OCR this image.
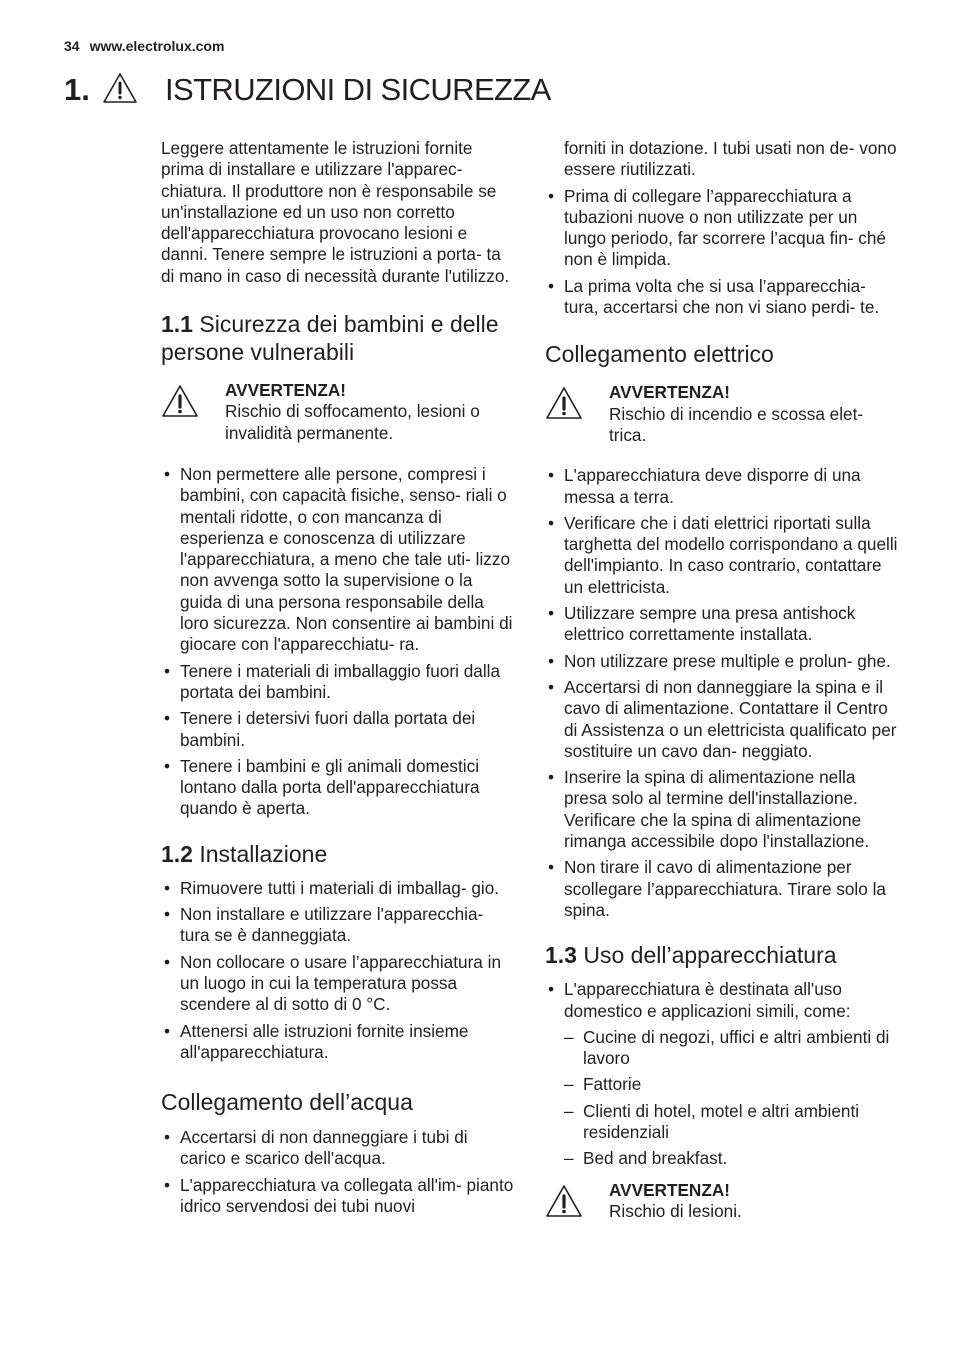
34 www.electrolux.com
1.	ISTRUZIONI DI SICUREZZA

Leggere attentamente le istruzioni fornite prima di installare e utilizzare l'apparec- chiatura. Il produttore non è responsabile se un'installazione ed un uso non corretto dell'apparecchiatura provocano lesioni e danni. Tenere sempre le istruzioni a porta- ta di mano in caso di necessità durante l'utilizzo.

1.1 Sicurezza dei bambini e delle persone vulnerabili
AVVERTENZA!
Rischio di soffocamento, lesioni o invalidità permanente.
• Non permettere alle persone, compresi i bambini, con capacità fisiche, senso- riali o mentali ridotte, o con mancanza di esperienza e conoscenza di utilizzare l'apparecchiatura, a meno che tale uti- lizzo non avvenga sotto la supervisione o la guida di una persona responsabile della loro sicurezza. Non consentire ai bambini di giocare con l'apparecchiatu- ra.
• Tenere i materiali di imballaggio fuori dalla portata dei bambini.
• Tenere i detersivi fuori dalla portata dei bambini.
• Tenere i bambini e gli animali domestici lontano dalla porta dell'apparecchiatura quando è aperta.
1.2 Installazione
• Rimuovere tutti i materiali di imballag- gio.
• Non installare e utilizzare l'apparecchia- tura se è danneggiata.
• Non collocare o usare l’apparecchiatura in un luogo in cui la temperatura possa scendere al di sotto di 0 °C.
• Attenersi alle istruzioni fornite insieme all'apparecchiatura.
Collegamento dell’acqua
• Accertarsi di non danneggiare i tubi di carico e scarico dell'acqua.
• L'apparecchiatura va collegata all'im- pianto idrico servendosi dei tubi nuovi

forniti in dotazione. I tubi usati non de- vono essere riutilizzati.

• Prima di collegare l’apparecchiatura a tubazioni nuove o non utilizzate per un lungo periodo, far scorrere l’acqua fin- ché non è limpida.
• La prima volta che si usa l’apparecchia- tura, accertarsi che non vi siano perdi- te.
Collegamento elettrico
AVVERTENZA!
Rischio di incendio e scossa elet- trica.
• L'apparecchiatura deve disporre di una messa a terra.
• Verificare che i dati elettrici riportati sulla targhetta del modello corrispondano a quelli dell'impianto. In caso contrario, contattare un elettricista.
• Utilizzare sempre una presa antishock elettrico correttamente installata.
• Non utilizzare prese multiple e prolun- ghe.
• Accertarsi di non danneggiare la spina e il cavo di alimentazione. Contattare il Centro di Assistenza o un elettricista qualificato per sostituire un cavo dan- neggiato.
• Inserire la spina di alimentazione nella presa solo al termine dell'installazione. Verificare che la spina di alimentazione rimanga accessibile dopo l'installazione.
• Non tirare il cavo di alimentazione per scollegare l’apparecchiatura. Tirare solo la spina.
1.3 Uso dell’apparecchiatura
• L'apparecchiatura è destinata all'uso domestico e applicazioni simili, come:
– Cucine di negozi, uffici e altri ambienti di lavoro
– Fattorie
– Clienti di hotel, motel e altri ambienti residenziali
– Bed and breakfast.
AVVERTENZA!
Rischio di lesioni.
